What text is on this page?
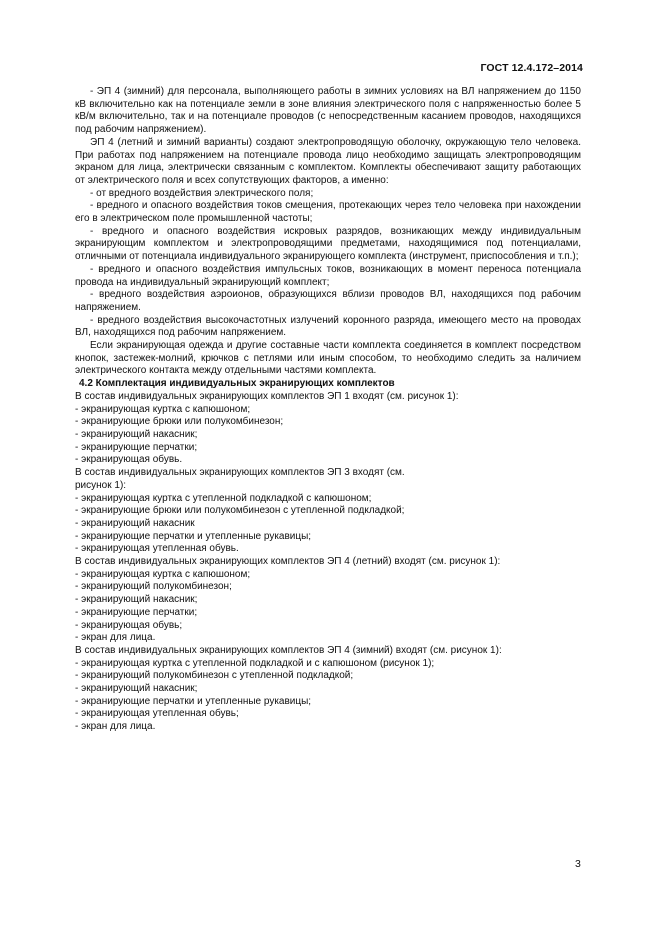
ГОСТ 12.4.172–2014

- ЭП 4 (зимний) для персонала, выполняющего работы в зимних условиях на ВЛ напряжением до 1150 кВ включительно как на потенциале земли в зоне влияния электрического поля с напряженностью более 5 кВ/м включительно, так и на потенциале проводов (с непосредственным касанием проводов, находящихся под рабочим напряжением).

ЭП 4 (летний и зимний варианты) создают электропроводящую оболочку, окружающую тело человека. При работах под напряжением на потенциале провода лицо необходимо защищать электропроводящим экраном для лица, электрически связанным с комплектом. Комплекты обеспечивают защиту работающих от электрического поля и всех сопутствующих факторов, а именно:

- от вредного воздействия электрического поля;

- вредного и опасного воздействия токов смещения, протекающих через тело человека при нахождении его в электрическом поле промышленной частоты;

- вредного и опасного воздействия искровых разрядов, возникающих между индивидуальным экранирующим комплектом и электропроводящими предметами, находящимися под потенциалами, отличными от потенциала индивидуального экранирующего комплекта (инструмент, приспособления и т.п.);

- вредного и опасного воздействия импульсных токов, возникающих в момент переноса потенциала провода на индивидуальный экранирующий комплект;

- вредного воздействия аэроионов, образующихся вблизи проводов ВЛ, находящихся под рабочим напряжением.

- вредного воздействия высокочастотных излучений коронного разряда, имеющего место на проводах ВЛ, находящихся под рабочим напряжением.

Если экранирующая одежда и другие составные части комплекта соединяется в комплект посредством кнопок, застежек-молний, крючков с петлями или иным способом, то необходимо следить за наличием электрического контакта между отдельными частями комплекта.

4.2 Комплектация индивидуальных экранирующих комплектов

В состав индивидуальных экранирующих комплектов ЭП 1 входят (см. рисунок 1):

- экранирующая куртка с капюшоном;

- экранирующие брюки или полукомбинезон;

- экранирующий накасник;

- экранирующие перчатки;

- экранирующая обувь.

В состав индивидуальных экранирующих комплектов ЭП 3 входят (см.

рисунок 1):

- экранирующая куртка с утепленной подкладкой с капюшоном;

- экранирующие брюки или полукомбинезон с утепленной подкладкой;

- экранирующий накасник

- экранирующие перчатки и утепленные рукавицы;

- экранирующая утепленная обувь.

В состав индивидуальных экранирующих комплектов ЭП 4 (летний) входят (см. рисунок 1):

- экранирующая куртка с капюшоном;

- экранирующий полукомбинезон;

- экранирующий накасник;

- экранирующие перчатки;

- экранирующая обувь;

- экран для лица.

В состав индивидуальных экранирующих комплектов ЭП 4 (зимний) входят (см. рисунок 1):

- экранирующая куртка с утепленной подкладкой и с капюшоном (рисунок 1);

- экранирующий полукомбинезон с утепленной подкладкой;

- экранирующий накасник;

- экранирующие перчатки и утепленные рукавицы;

- экранирующая утепленная обувь;

- экран для лица.

3
